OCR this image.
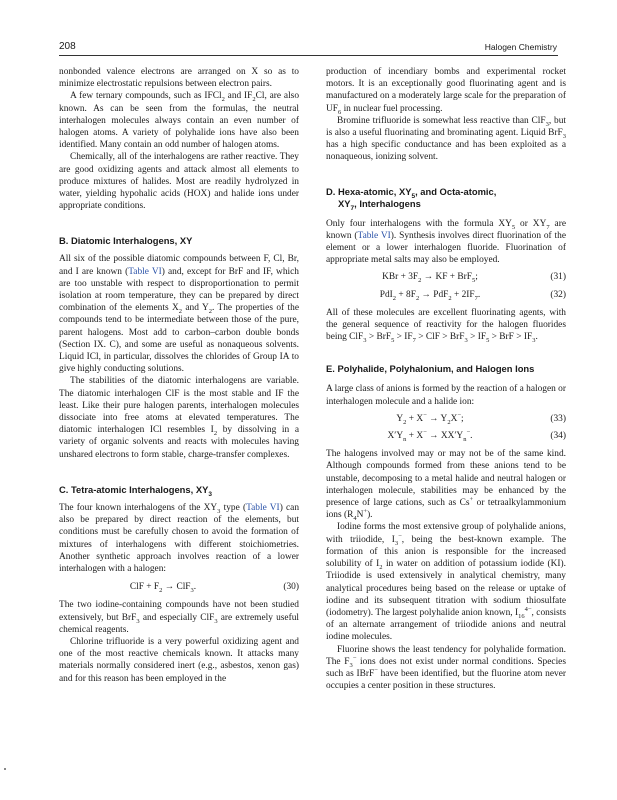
208	Halogen Chemistry

nonbonded valence electrons are arranged on X so as to minimize electrostatic repulsions between electron pairs.

A few ternary compounds, such as IFCl$_2$ and $IF_2Cl$, are also known. As can be seen from the formulas, the neutral interhalogen molecules always contain an even number of halogen atoms. A variety of polyhalide ions have also been identified. Many contain an odd number of halogen atoms.

Chemically, all of the interhalogens are rather reactive. They are good oxidizing agents and attack almost all elements to produce mixtures of halides. Most are readily hydrolyzed in water, yielding hypohalic acids (HOX) and halide ions under appropriate conditions.

B. Diatomic Interhalogens, XY

All six of the possible diatomic compounds between F, Cl, Br, and I are known (Table VI) and, except for BrF and IF, which are too unstable with respect to disproportionation to permit isolation at room temperature, they can be prepared by direct combination of the elements $X_2$ and $Y_2$. The properties of the compounds tend to be intermediate between those of the pure, parent halogens. Most add to carbon–carbon double bonds (Section IX. C), and some are useful as nonaqueous solvents. Liquid ICl, in particular, dissolves the chlorides of Group IA to give highly conducting solutions.

The stabilities of the diatomic interhalogens are variable. The diatomic interhalogen ClF is the most stable and IF the least. Like their pure halogen parents, interhalogen molecules dissociate into free atoms at elevated temperatures. The diatomic interhalogen ICl resembles $I_2$ by dissolving in a variety of organic solvents and reacts with molecules having unshared electrons to form stable, charge-transfer complexes.

C. Tetra-atomic Interhalogens, $XY_3$

The four known interhalogens of the $XY_3$ type (Table VI) can also be prepared by direct reaction of the elements, but conditions must be carefully chosen to avoid the formation of mixtures of interhalogens with different stoichiometries. Another synthetic approach involves reaction of a lower interhalogen with a halogen:

ClF + $F_2 \to ClF_3$.	(30)

The two iodine-containing compounds have not been studied extensively, but BrF$_3$ and especially ClF$_3$ are extremely useful chemical reagents.

Chlorine trifluoride is a very powerful oxidizing agent and one of the most reactive chemicals known. It attacks many materials normally considered inert (e.g., asbestos, xenon gas) and for this reason has been employed in the

production of incendiary bombs and experimental rocket motors. It is an exceptionally good fluorinating agent and is manufactured on a moderately large scale for the preparation of $UF_6$ in nuclear fuel processing.

Bromine trifluoride is somewhat less reactive than ClF$_3$, but is also a useful fluorinating and brominating agent. Liquid BrF$_3$ has a high specific conductance and has been exploited as a nonaqueous, ionizing solvent.

D. Hexa-atomic, $XY_5$, and Octa-atomic,
$XY_7$, Interhalogens

Only four interhalogens with the formula $XY_5$ or $XY_7$ are known (Table VI). Synthesis involves direct fluorination of the element or a lower interhalogen fluoride. Fluorination of appropriate metal salts may also be employed.

KBr + $3F_2$ → KF + BrF$_5$;	(31)
$PdI_2 + 8F_2 \to PdF_2 + 2IF_7$.	(32)

All of these molecules are excellent fluorinating agents, with the general sequence of reactivity for the halogen fluorides being $ClF_3 > BrF_5 > IF_7$ > ClF > $BrF_3 > IF_5$ > BrF > $IF_3$.

E. Polyhalide, Polyhalonium, and Halogen Ions

A large class of anions is formed by the reaction of a halogen or interhalogen molecule and a halide ion:

$Y_2 + X^- \to Y_2X^-$;	(33)
$X'Y_n + X^- \to XX'Y_n^-$.	(34)

The halogens involved may or may not be of the same kind. Although compounds formed from these anions tend to be unstable, decomposing to a metal halide and neutral halogen or interhalogen molecule, stabilities may be enhanced by the presence of large cations, such as Cs+ or tetraalkylammonium ions $(R_4N^+)$.

Iodine forms the most extensive group of polyhalide anions, with triiodide, $I_3^-$, being the best-known example. The formation of this anion is responsible for the increased solubility of $I_2$ in water on addition of potassium iodide (KI). Triiodide is used extensively in analytical chemistry, many analytical procedures being based on the release or uptake of iodine and its subsequent titration with sodium thiosulfate (iodometry). The largest polyhalide anion known, $I_{16}^{4-}$, consists of an alternate arrangement of triiodide anions and neutral iodine molecules.

Fluorine shows the least tendency for polyhalide formation. The $F_3^-$ ions does not exist under normal conditions. Species such as IBrF− have been identified, but the fluorine atom never occupies a center position in these structures.
